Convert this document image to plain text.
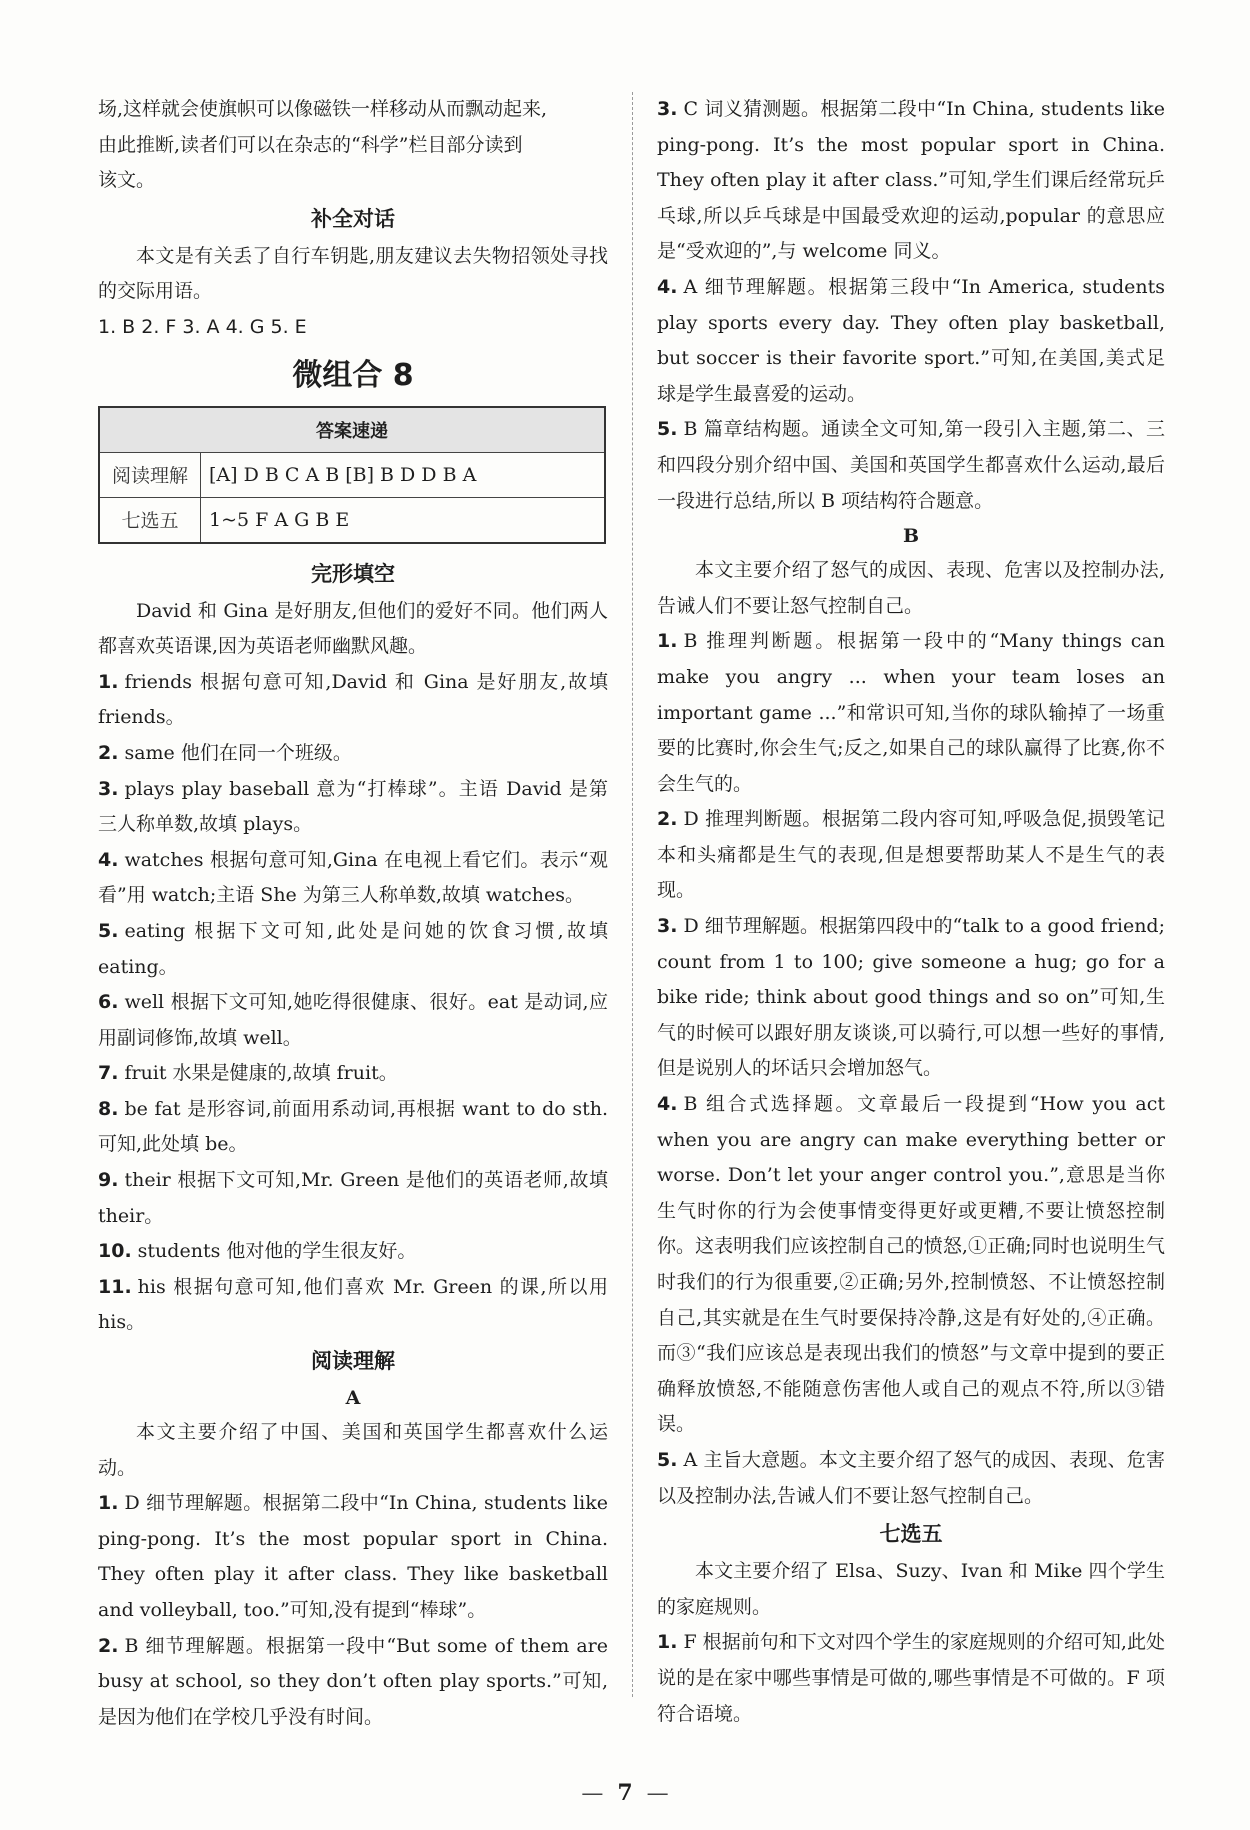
场,这样就会使旗帜可以像磁铁一样移动从而飘动起来,

由此推断,读者们可以在杂志的“科学”栏目部分读到

该文。

补全对话

本文是有关丢了自行车钥匙,朋友建议去失物招领处寻找的交际用语。

1. B 2. F 3. A 4. G 5. E

微组合 8
答案速递	
阅读理解	[A] D B C A B [B] B D D B A
七选五	1~5 F A G B E
完形填空

David 和 Gina 是好朋友,但他们的爱好不同。他们两人都喜欢英语课,因为英语老师幽默风趣。

1. friends 根据句意可知,David 和 Gina 是好朋友,故填 friends。

2. same 他们在同一个班级。

3. plays play baseball 意为“打棒球”。主语 David 是第三人称单数,故填 plays。

4. watches 根据句意可知,Gina 在电视上看它们。表示“观看”用 watch;主语 She 为第三人称单数,故填 watches。

5. eating 根据下文可知,此处是问她的饮食习惯,故填 eating。

6. well 根据下文可知,她吃得很健康、很好。eat 是动词,应用副词修饰,故填 well。

7. fruit 水果是健康的,故填 fruit。

8. be fat 是形容词,前面用系动词,再根据 want to do sth. 可知,此处填 be。

9. their 根据下文可知,Mr. Green 是他们的英语老师,故填 their。

10. students 他对他的学生很友好。

11. his 根据句意可知,他们喜欢 Mr. Green 的课,所以用 his。

阅读理解
A

本文主要介绍了中国、美国和英国学生都喜欢什么运动。

1. D 细节理解题。根据第二段中“In China, students like ping-pong. It’s the most popular sport in China. They often play it after class. They like basketball and volleyball, too.”可知,没有提到“棒球”。

2. B 细节理解题。根据第一段中“But some of them are busy at school, so they don’t often play sports.”可知,是因为他们在学校几乎没有时间。

3. C 词义猜测题。根据第二段中“In China, students like ping-pong. It’s the most popular sport in China. They often play it after class.”可知,学生们课后经常玩乒乓球,所以乒乓球是中国最受欢迎的运动,popular 的意思应是“受欢迎的”,与 welcome 同义。

4. A 细节理解题。根据第三段中“In America, students play sports every day. They often play basketball, but soccer is their favorite sport.”可知,在美国,美式足球是学生最喜爱的运动。

5. B 篇章结构题。通读全文可知,第一段引入主题,第二、三和四段分别介绍中国、美国和英国学生都喜欢什么运动,最后一段进行总结,所以 B 项结构符合题意。

B

本文主要介绍了怒气的成因、表现、危害以及控制办法,告诫人们不要让怒气控制自己。

1. B 推理判断题。根据第一段中的“Many things can make you angry ... when your team loses an important game ...”和常识可知,当你的球队输掉了一场重要的比赛时,你会生气;反之,如果自己的球队赢得了比赛,你不会生气的。

2. D 推理判断题。根据第二段内容可知,呼吸急促,损毁笔记本和头痛都是生气的表现,但是想要帮助某人不是生气的表现。

3. D 细节理解题。根据第四段中的“talk to a good friend; count from 1 to 100; give someone a hug; go for a bike ride; think about good things and so on”可知,生气的时候可以跟好朋友谈谈,可以骑行,可以想一些好的事情,但是说别人的坏话只会增加怒气。

4. B 组合式选择题。文章最后一段提到“How you act when you are angry can make everything better or worse. Don’t let your anger control you.”,意思是当你生气时你的行为会使事情变得更好或更糟,不要让愤怒控制你。这表明我们应该控制自己的愤怒,①正确;同时也说明生气时我们的行为很重要,②正确;另外,控制愤怒、不让愤怒控制自己,其实就是在生气时要保持冷静,这是有好处的,④正确。而③“我们应该总是表现出我们的愤怒”与文章中提到的要正确释放愤怒,不能随意伤害他人或自己的观点不符,所以③错误。

5. A 主旨大意题。本文主要介绍了怒气的成因、表现、危害以及控制办法,告诫人们不要让怒气控制自己。

七选五

本文主要介绍了 Elsa、Suzy、Ivan 和 Mike 四个学生的家庭规则。

1. F 根据前句和下文对四个学生的家庭规则的介绍可知,此处说的是在家中哪些事情是可做的,哪些事情是不可做的。F 项符合语境。

— 7 —
